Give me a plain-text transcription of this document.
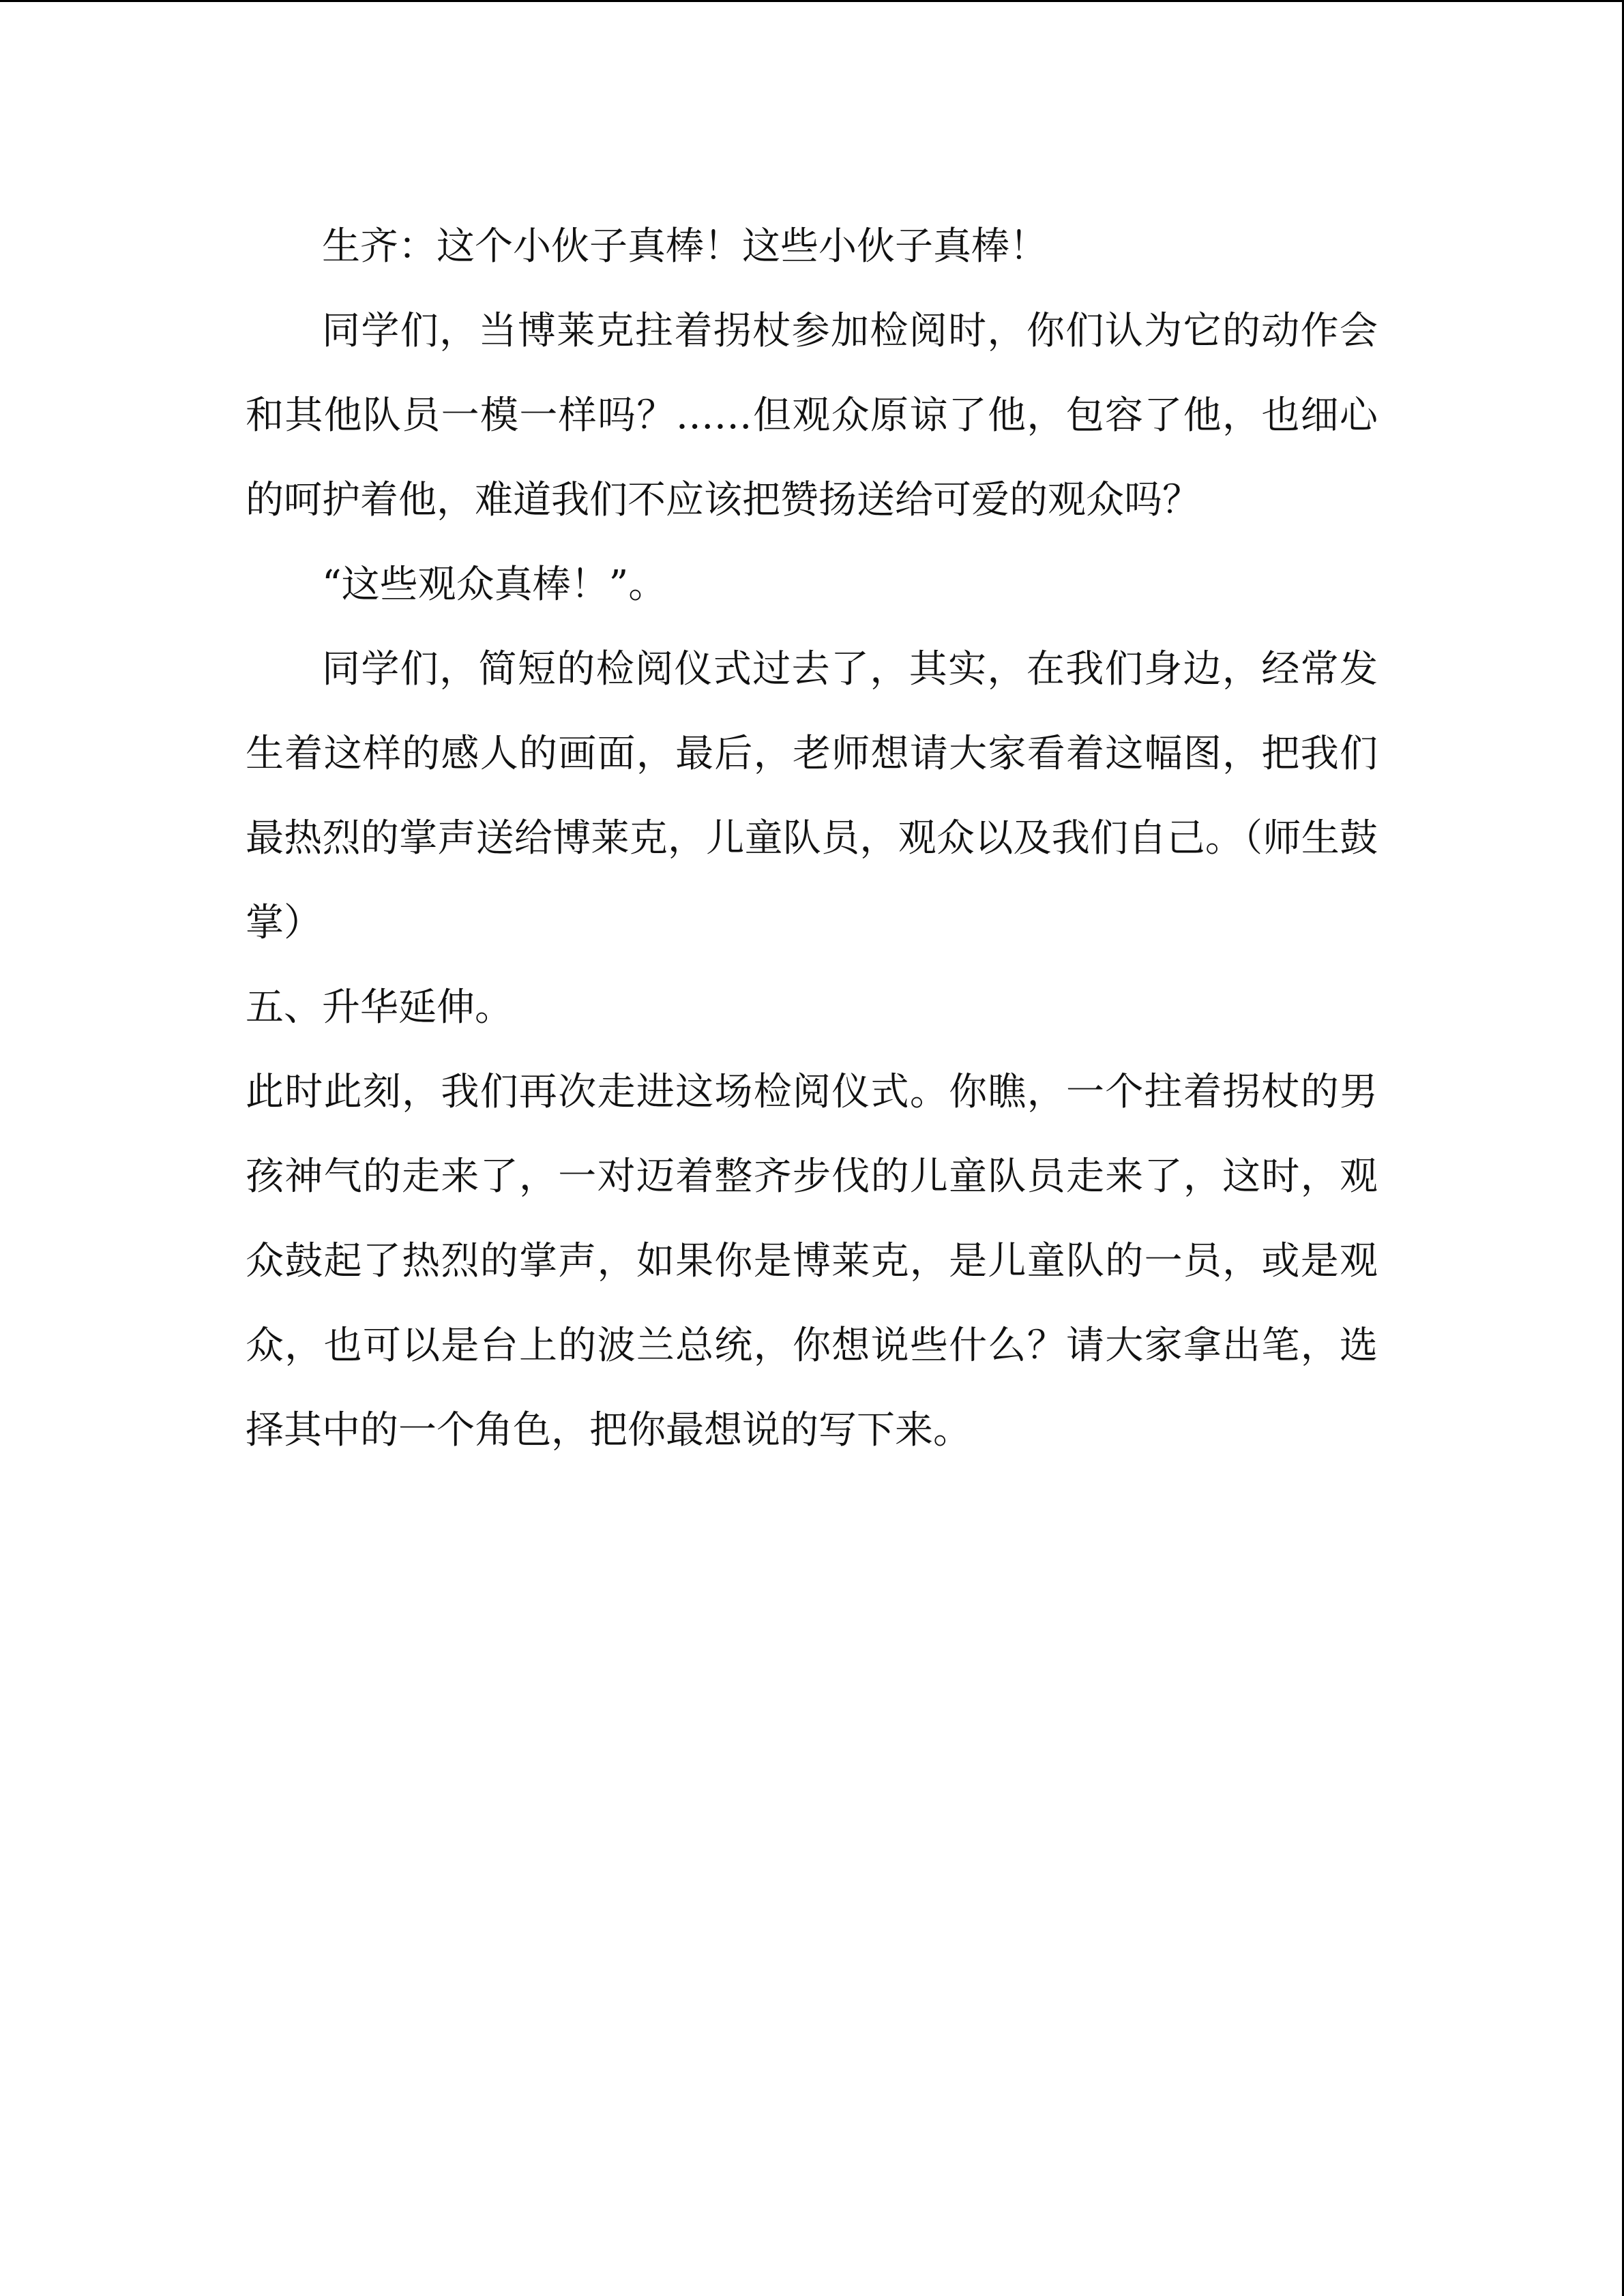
生齐：这个小伙子真棒！这些小伙子真棒！

同学们，当博莱克拄着拐杖参加检阅时，你们认为它的动作会和其他队员一模一样吗？……但观众原谅了他，包容了他，也细心的呵护着他，难道我们不应该把赞扬送给可爱的观众吗？

“这些观众真棒！”。

同学们，简短的检阅仪式过去了，其实，在我们身边，经常发生着这样的感人的画面，最后，老师想请大家看着这幅图，把我们最热烈的掌声送给博莱克，儿童队员，观众以及我们自己。（师生鼓掌）

五、升华延伸。

此时此刻，我们再次走进这场检阅仪式。你瞧，一个拄着拐杖的男孩神气的走来了，一对迈着整齐步伐的儿童队员走来了，这时，观众鼓起了热烈的掌声，如果你是博莱克，是儿童队的一员，或是观众，也可以是台上的波兰总统，你想说些什么？请大家拿出笔，选择其中的一个角色，把你最想说的写下来。
